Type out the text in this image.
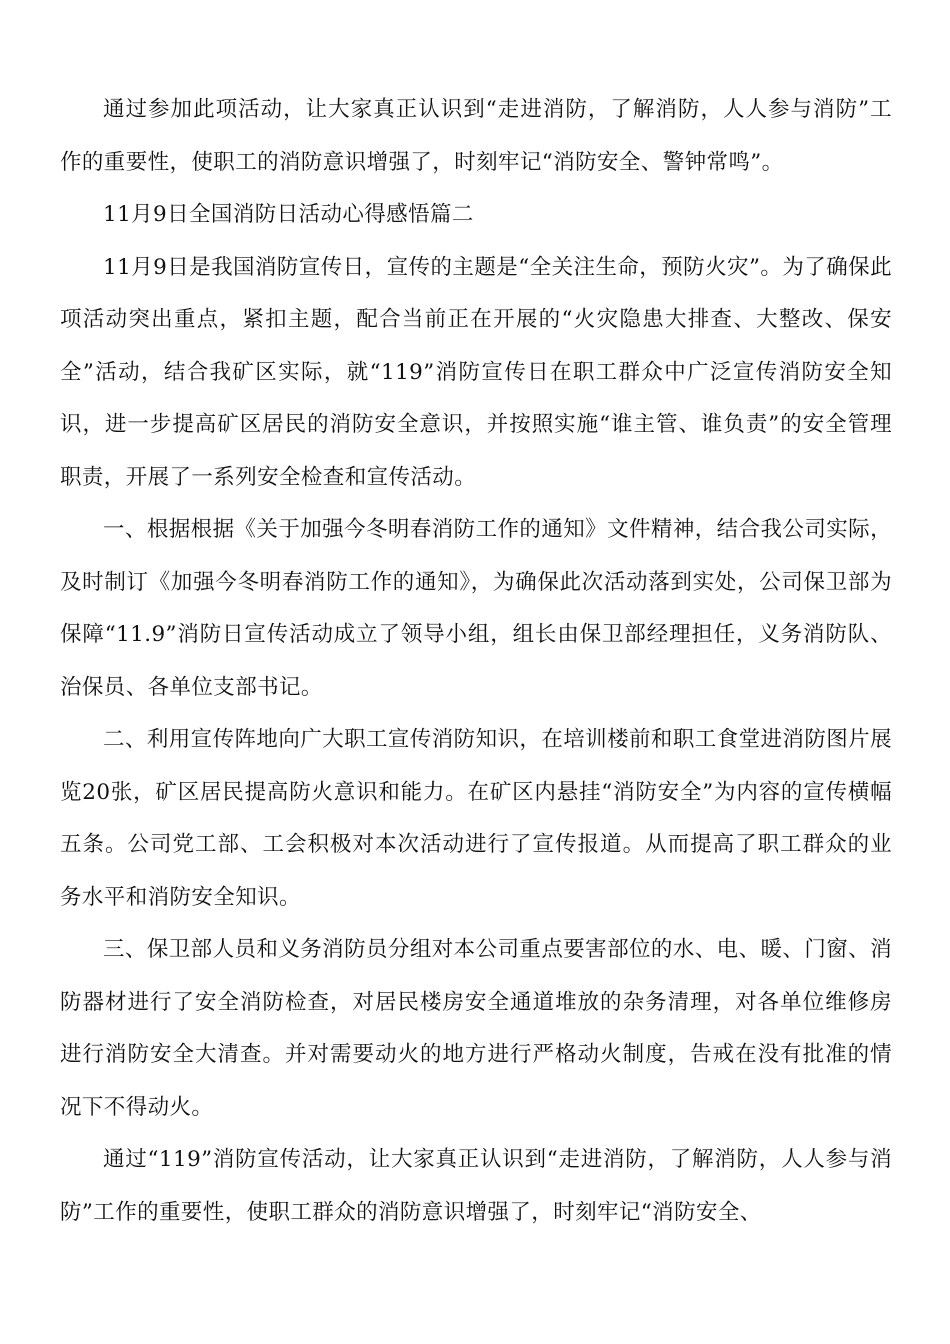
通过参加此项活动，让大家真正认识到“走进消防，了解消防，人人参与消防”工作的重要性，使职工的消防意识增强了，时刻牢记“消防安全、警钟常鸣”。

11月9日全国消防日活动心得感悟篇二

11月9日是我国消防宣传日，宣传的主题是“全关注生命，预防火灾”。为了确保此项活动突出重点，紧扣主题，配合当前正在开展的“火灾隐患大排查、大整改、保安全”活动，结合我矿区实际，就“119”消防宣传日在职工群众中广泛宣传消防安全知识，进一步提高矿区居民的消防安全意识，并按照实施“谁主管、谁负责”的安全管理职责，开展了一系列安全检查和宣传活动。

一、根据根据《关于加强今冬明春消防工作的通知》文件精神，结合我公司实际，及时制订《加强今冬明春消防工作的通知》，为确保此次活动落到实处，公司保卫部为保障“11.9”消防日宣传活动成立了领导小组，组长由保卫部经理担任，义务消防队、治保员、各单位支部书记。

二、利用宣传阵地向广大职工宣传消防知识，在培训楼前和职工食堂进消防图片展览20张，矿区居民提高防火意识和能力。在矿区内悬挂“消防安全”为内容的宣传横幅五条。公司党工部、工会积极对本次活动进行了宣传报道。从而提高了职工群众的业务水平和消防安全知识。

三、保卫部人员和义务消防员分组对本公司重点要害部位的水、电、暖、门窗、消防器材进行了安全消防检查，对居民楼房安全通道堆放的杂务清理，对各单位维修房进行消防安全大清查。并对需要动火的地方进行严格动火制度，告戒在没有批准的情况下不得动火。

通过“119”消防宣传活动，让大家真正认识到“走进消防，了解消防，人人参与消防”工作的重要性，使职工群众的消防意识增强了，时刻牢记“消防安全、
